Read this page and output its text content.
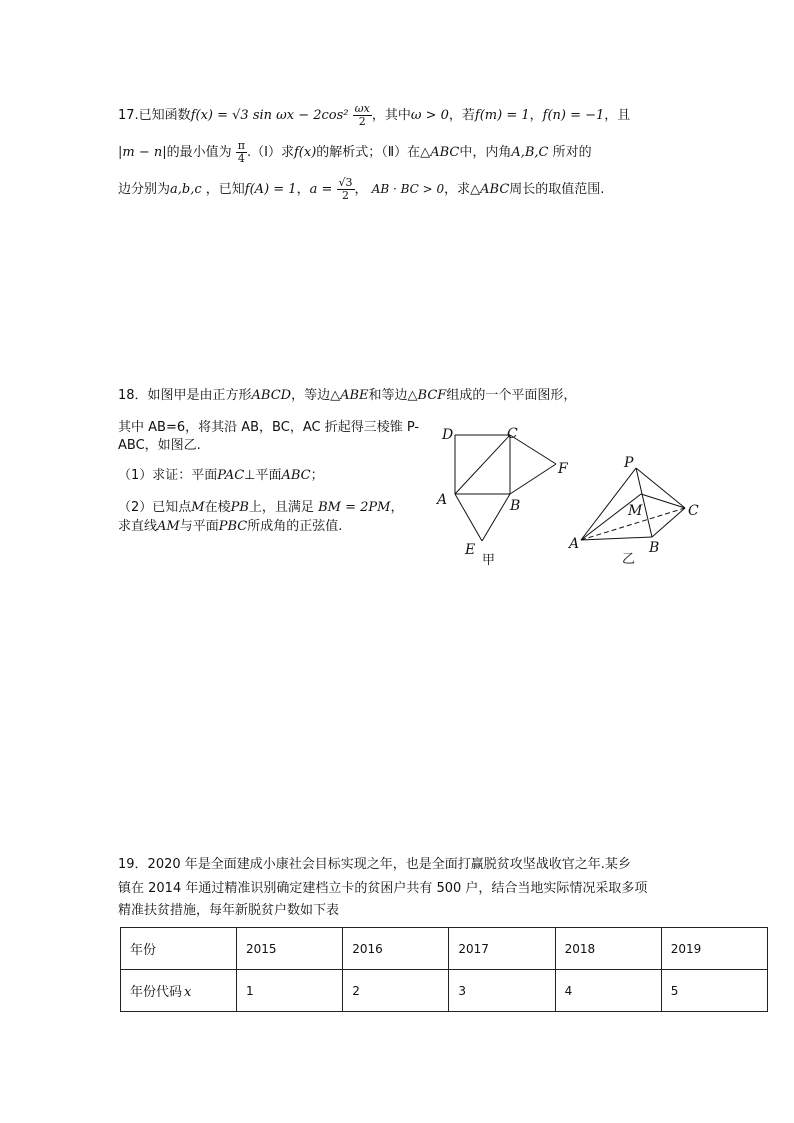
17.已知函数f(x) = √3 $\sin \omega x - 2\cos^2 \frac{\omega x}{2}$ ，其中ω > 0，若f(m) = 1，f(n) = −1，且
|m − n|的最小值为 $\frac{\pi}{4}$ .（Ⅰ）求f(x)的解析式；（Ⅱ）在△ABC中，内角A,B,C 所对的
边分别为a,b,c ，已知f(A) = 1，$a = \frac{√3}{2}$ ， AB · BC > 0，求△ABC周长的取值范围.
18．如图甲是由正方形ABCD，等边△ABE和等边△BCF组成的一个平面图形，
其中 AB=6，将其沿 AB，BC，AC 折起得三棱锥 P-
ABC，如图乙.
（1）求证：平面PAC⊥平面ABC；
（2）已知点M在棱PB上，且满足 BM = 2PM，
求直线AM与平面PBC所成角的正弦值.
D	C
F
A	B
E
甲
P
M	C
A	B
乙
19．2020 年是全面建成小康社会目标实现之年，也是全面打赢脱贫攻坚战收官之年.某乡
镇在 2014 年通过精准识别确定建档立卡的贫困户共有 500 户，结合当地实际情况采取多项
精准扶贫措施，每年新脱贫户数如下表
年份	2015	2016	2017	2018	2019
年份代码 x	1	2	3	4	5
